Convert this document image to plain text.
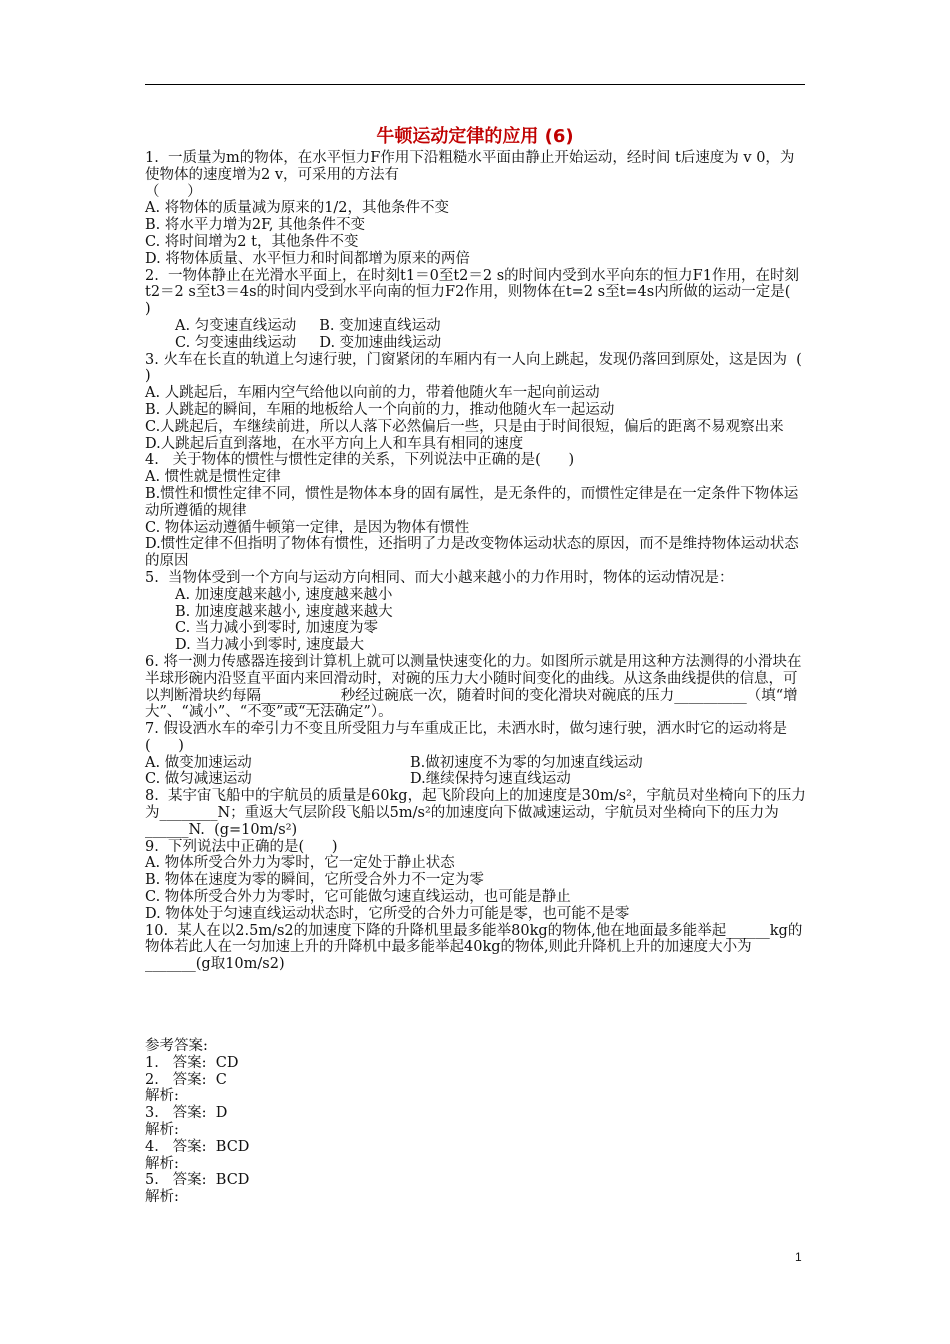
牛顿运动定律的应用 (6)

1.  一质量为m的物体，在水平恒力F作用下沿粗糙水平面由静止开始运动，经时间 t后速度为 v 0，为使物体的速度增为2 v，可采用的方法有

（      ）

A. 将物体的质量减为原来的1/2，其他条件不变

B. 将水平力增为2F, 其他条件不变

C. 将时间增为2 t，其他条件不变

D. 将物体质量、水平恒力和时间都增为原来的两倍

2.  一物体静止在光滑水平面上，在时刻t1＝0至t2＝2 s的时间内受到水平向东的恒力F1作用，在时刻t2＝2 s至t3＝4s的时间内受到水平向南的恒力F2作用，则物体在t=2 s至t=4s内所做的运动一定是(     )

A. 匀变速直线运动     B. 变加速直线运动

C. 匀变速曲线运动     D. 变加速曲线运动

3. 火车在长直的轨道上匀速行驶，门窗紧闭的车厢内有一人向上跳起，发现仍落回到原处，这是因为  (      )

A. 人跳起后，车厢内空气给他以向前的力，带着他随火车一起向前运动

B. 人跳起的瞬间，车厢的地板给人一个向前的力，推动他随火车一起运动

C.人跳起后，车继续前进，所以人落下必然偏后一些，只是由于时间很短，偏后的距离不易观察出来

D.人跳起后直到落地，在水平方向上人和车具有相同的速度

4.   关于物体的惯性与惯性定律的关系，下列说法中正确的是(      )

A. 惯性就是惯性定律

B.惯性和惯性定律不同，惯性是物体本身的固有属性，是无条件的，而惯性定律是在一定条件下物体运动所遵循的规律

C. 物体运动遵循牛顿第一定律，是因为物体有惯性

D.惯性定律不但指明了物体有惯性，还指明了力是改变物体运动状态的原因，而不是维持物体运动状态的原因

5.  当物体受到一个方向与运动方向相同、而大小越来越小的力作用时，物体的运动情况是：

A. 加速度越来越小, 速度越来越小

B. 加速度越来越小, 速度越来越大

C. 当力减小到零时, 加速度为零

D. 当力减小到零时, 速度最大

6. 将一测力传感器连接到计算机上就可以测量快速变化的力。如图所示就是用这种方法测得的小滑块在半球形碗内沿竖直平面内来回滑动时，对碗的压力大小随时间变化的曲线。从这条曲线提供的信息，可以判断滑块约每隔___________秒经过碗底一次，随着时间的变化滑块对碗底的压力__________（填“增大”、“减小”、“不变”或“无法确定”）。

7. 假设洒水车的牵引力不变且所受阻力与车重成正比，未洒水时，做匀速行驶，洒水时它的运动将是    (      )

A. 做变加速运动	B.做初速度不为零的匀加速直线运动
C. 做匀减速运动	D.继续保持匀速直线运动

8.  某宇宙飞船中的宇航员的质量是60kg，起飞阶段向上的加速度是30m/s²，宇航员对坐椅向下的压力为________N；重返大气层阶段飞船以5m/s²的加速度向下做减速运动，宇航员对坐椅向下的压力为______N.  (g=10m/s²)

9.  下列说法中正确的是(      )

A. 物体所受合外力为零时，它一定处于静止状态

B. 物体在速度为零的瞬间，它所受合外力不一定为零

C. 物体所受合外力为零时，它可能做匀速直线运动，也可能是静止

D. 物体处于匀速直线运动状态时，它所受的合外力可能是零，也可能不是零

10.  某人在以2.5m/s2的加速度下降的升降机里最多能举80kg的物体,他在地面最多能举起______kg的物体若此人在一匀加速上升的升降机中最多能举起40kg的物体,则此升降机上升的加速度大小为_______(g取10m/s2)

参考答案:

1.   答案:  CD

2.   答案:  C

解析:

3.   答案:  D

解析:

4.   答案:  BCD

解析:

5.   答案:  BCD

解析:

1
